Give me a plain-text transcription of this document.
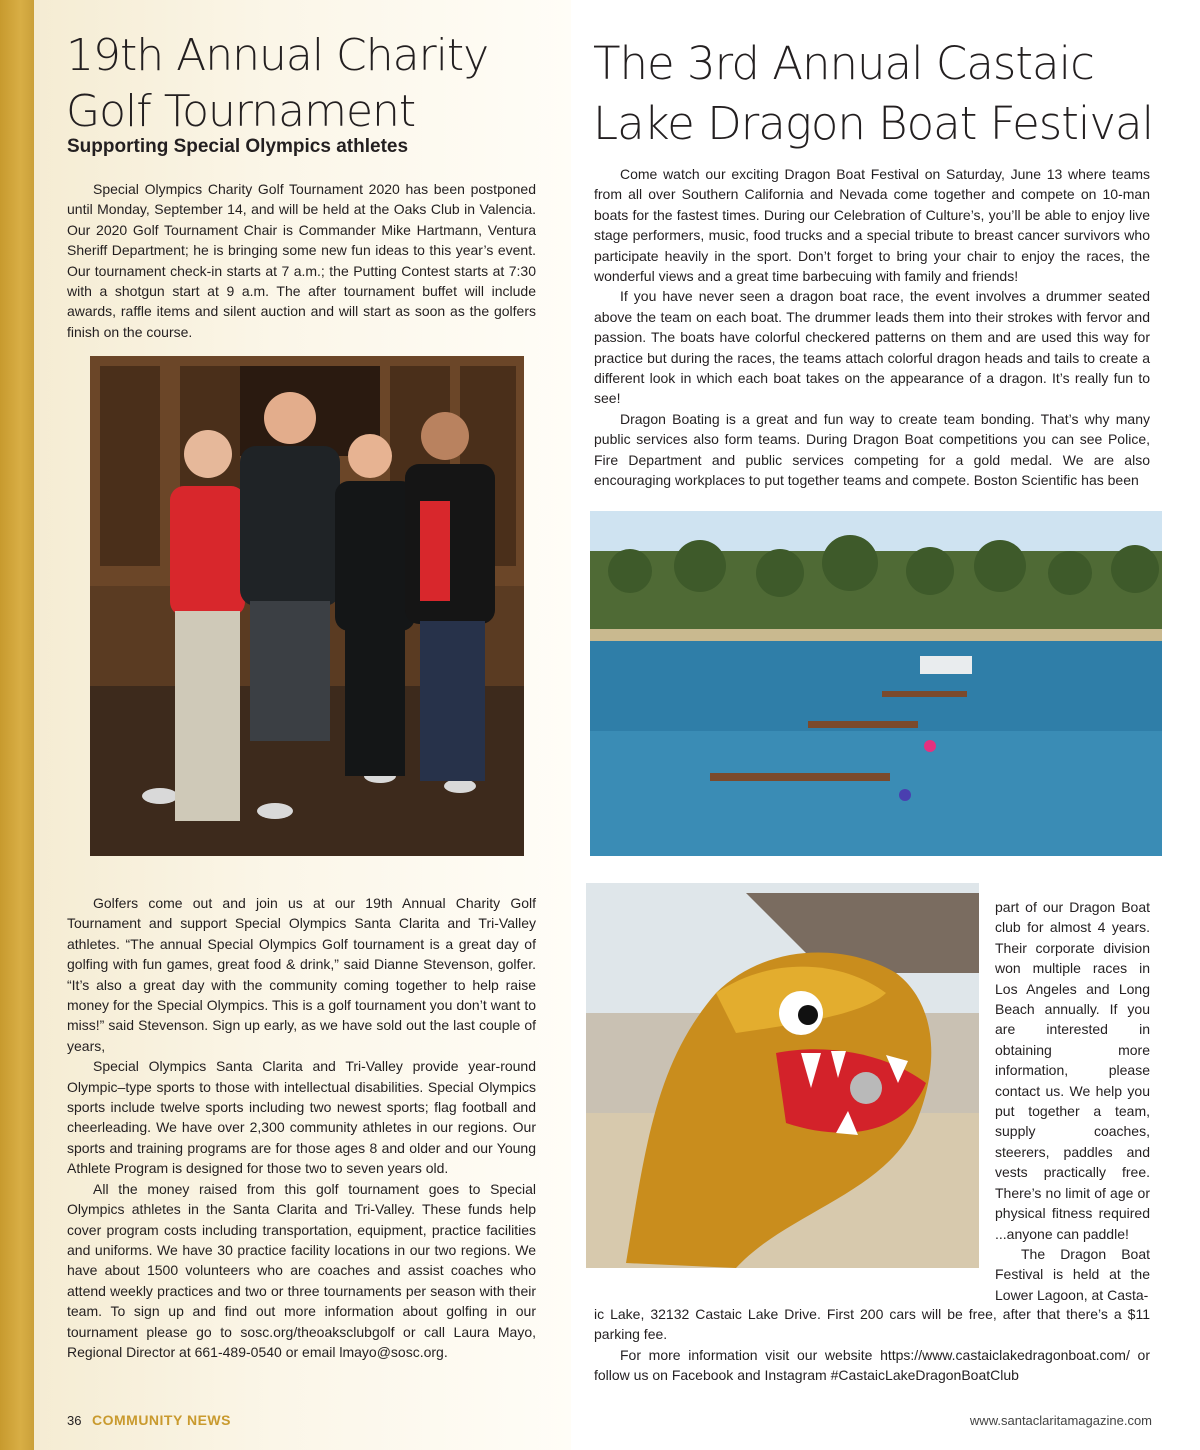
19th Annual Charity
Golf Tournament
Supporting Special Olympics athletes

Special Olympics Charity Golf Tournament 2020 has been postponed until Monday, September 14, and will be held at the Oaks Club in Valencia. Our 2020 Golf Tournament Chair is Commander Mike Hartmann, Ventura Sheriff Department; he is bringing some new fun ideas to this year’s event. Our tournament check-in starts at 7 a.m.; the Putting Contest starts at 7:30 with a shotgun start at 9 a.m. The after tournament buffet will include awards, raffle items and silent auction and will start as soon as the golfers finish on the course.

Golfers come out and join us at our 19th Annual Charity Golf Tournament and support Special Olympics Santa Clarita and Tri-Valley athletes. “The annual Special Olympics Golf tournament is a great day of golfing with fun games, great food & drink,” said Dianne Stevenson, golfer. “It’s also a great day with the community coming together to help raise money for the Special Olympics. This is a golf tournament you don’t want to miss!” said Stevenson. Sign up early, as we have sold out the last couple of years,

Special Olympics Santa Clarita and Tri-Valley provide year-round Olympic–type sports to those with intellectual disabilities. Special Olympics sports include twelve sports including two newest sports; flag football and cheerleading. We have over 2,300 community athletes in our regions. Our sports and training programs are for those ages 8 and older and our Young Athlete Program is designed for those two to seven years old.

All the money raised from this golf tournament goes to Special Olympics athletes in the Santa Clarita and Tri-Valley. These funds help cover program costs including transportation, equipment, practice facilities and uniforms. We have 30 practice facility locations in our two regions. We have about 1500 volunteers who are coaches and assist coaches who attend weekly practices and two or three tournaments per season with their team. To sign up and find out more information about golfing in our tournament please go to sosc.org/theoaksclubgolf or call Laura Mayo, Regional Director at 661-489-0540 or email lmayo@sosc.org.

The 3rd Annual Castaic
Lake Dragon Boat Festival

Come watch our exciting Dragon Boat Festival on Saturday, June 13 where teams from all over Southern California and Nevada come together and compete on 10-man boats for the fastest times. During our Celebration of Culture’s, you’ll be able to enjoy live stage performers, music, food trucks and a special tribute to breast cancer survivors who participate heavily in the sport. Don’t forget to bring your chair to enjoy the races, the wonderful views and a great time barbecuing with family and friends!

If you have never seen a dragon boat race, the event involves a drummer seated above the team on each boat. The drummer leads them into their strokes with fervor and passion. The boats have colorful checkered patterns on them and are used this way for practice but during the races, the teams attach colorful dragon heads and tails to create a different look in which each boat takes on the appearance of a dragon. It’s really fun to see!

Dragon Boating is a great and fun way to create team bonding. That’s why many public services also form teams. During Dragon Boat competitions you can see Police, Fire Department and public services competing for a gold medal. We are also encouraging workplaces to put together teams and compete. Boston Scientific has been

part of our Dragon Boat club for almost 4 years. Their corporate division won multiple races in Los Angeles and Long Beach annually. If you are interested in obtaining more information, please contact us. We help you put together a team, supply coaches, steerers, paddles and vests practically free. There’s no limit of age or physical fitness required ...anyone can paddle!

The Dragon Boat Festival is held at the Lower Lagoon, at Casta-

ic Lake, 32132 Castaic Lake Drive. First 200 cars will be free, after that there’s a $11 parking fee.

For more information visit our website https://www.castaiclakedragonboat.com/ or follow us on Facebook and Instagram #CastaicLakeDragonBoatClub

36 COMMUNITY NEWS	www.santaclaritamagazine.com
